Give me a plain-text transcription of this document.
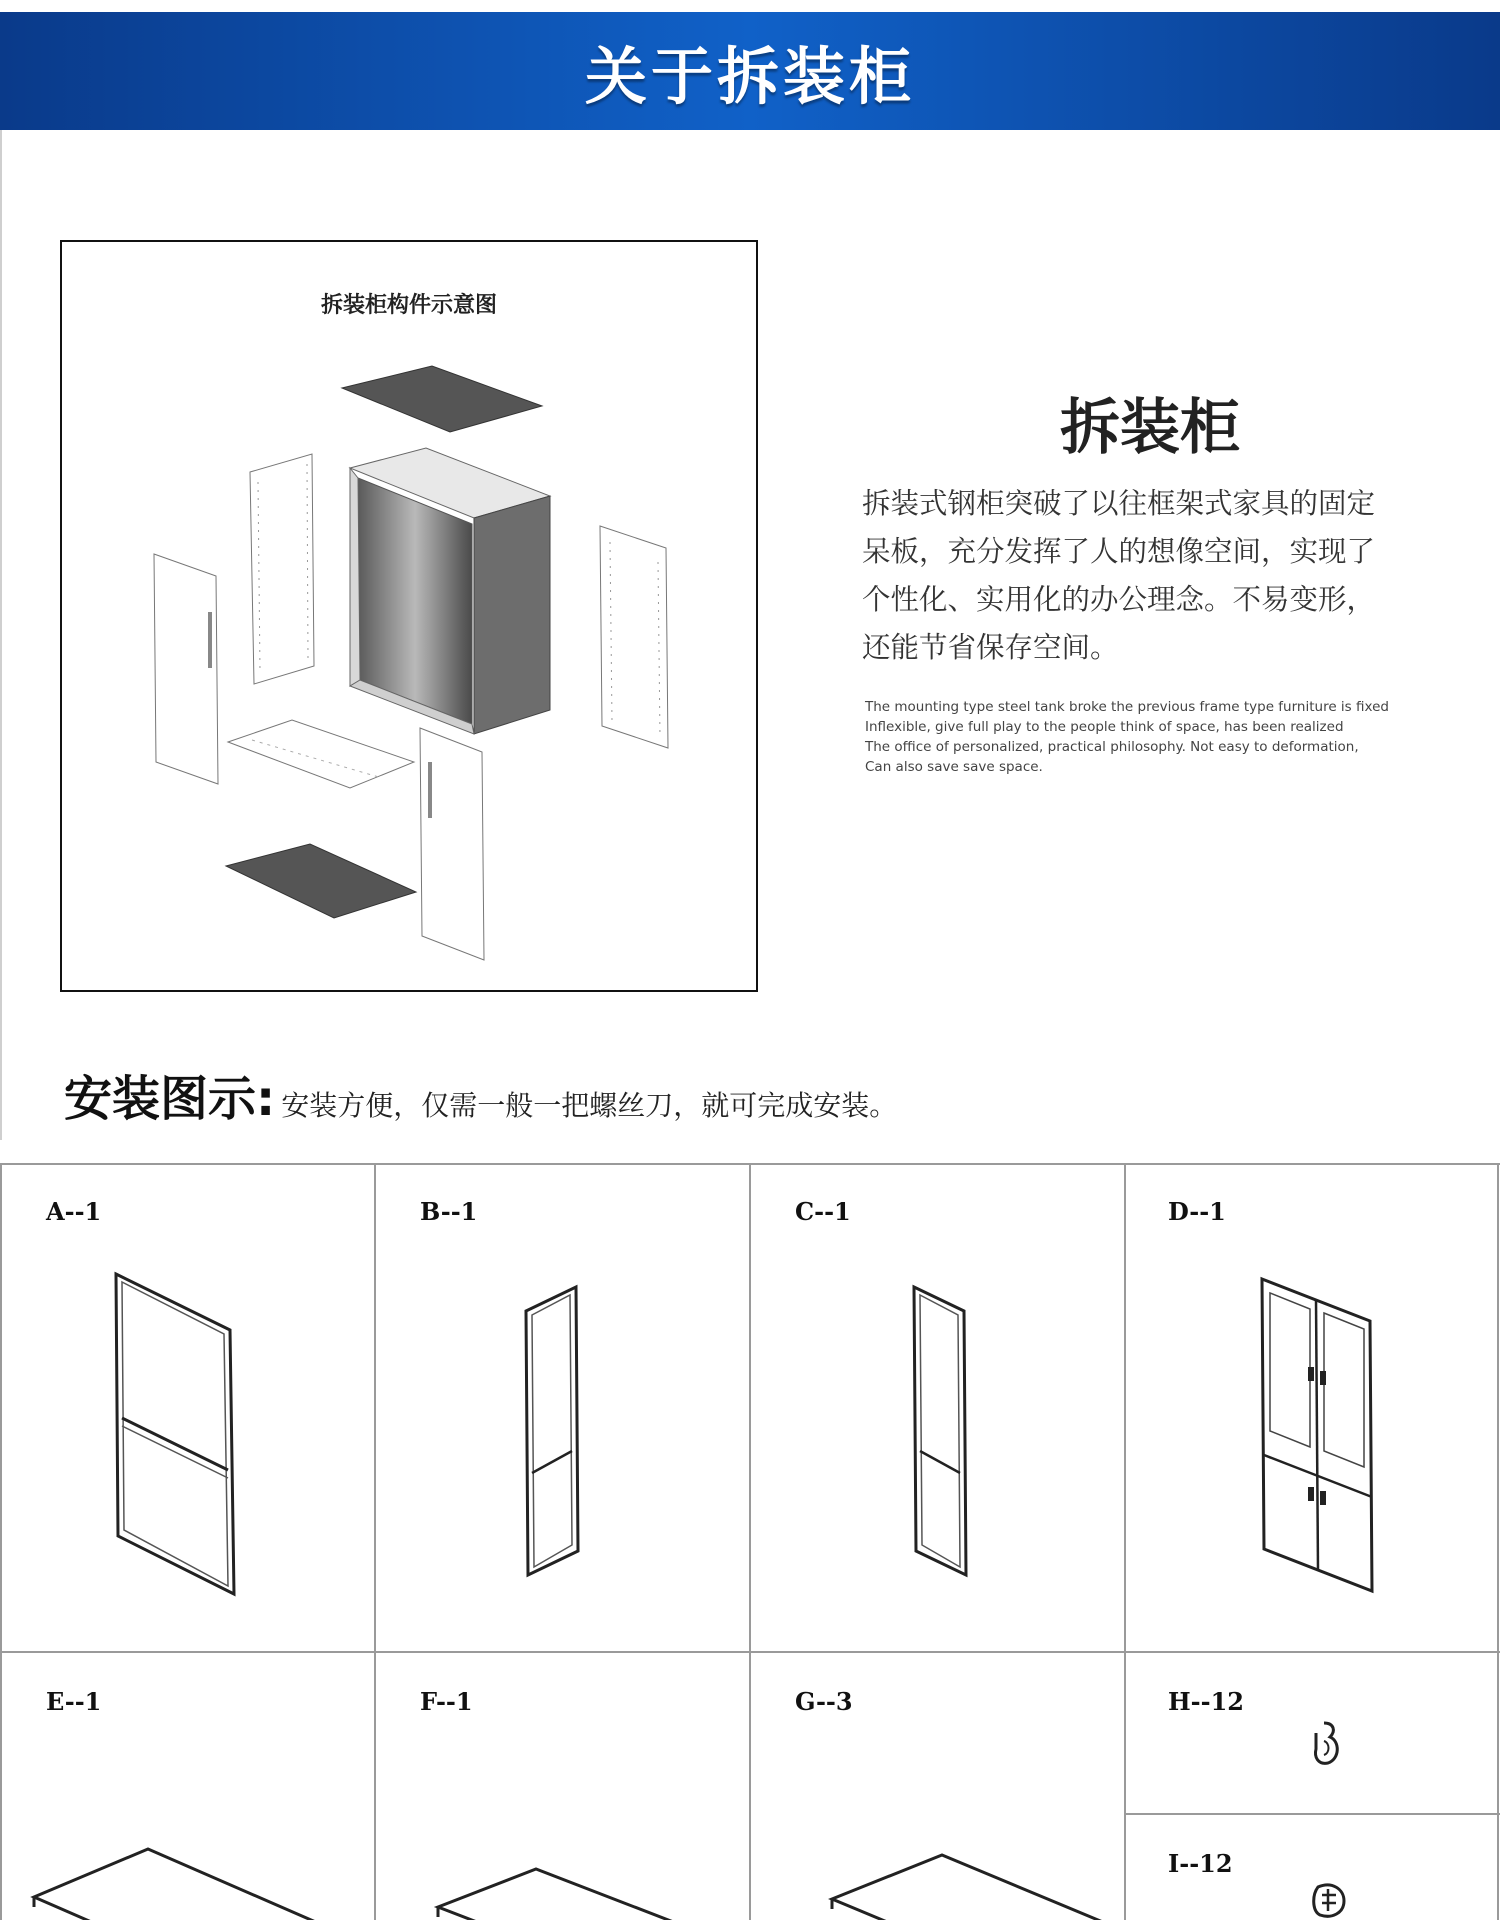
关于拆装柜
拆装柜构件示意图
拆装柜
拆装式钢柜突破了以往框架式家具的固定
呆板，充分发挥了人的想像空间，实现了
个性化、实用化的办公理念。不易变形，
还能节省保存空间。
The mounting type steel tank broke the previous frame type furniture is fixed
Inflexible, give full play to the people think of space, has been realized
The office of personalized, practical philosophy. Not easy to deformation,
Can also save save space.
安装图示: 安装方便，仅需一般一把螺丝刀，就可完成安装。
A--1	B--1	C--1	D--1
E--1	F--1	G--3	H--12
I--12
